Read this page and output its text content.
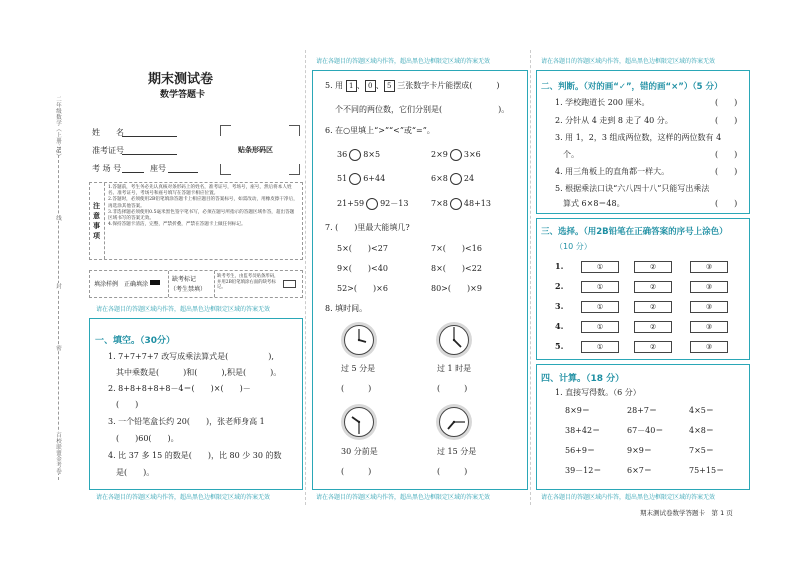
二年级数学（上册·RJ）
线
封
密
百校联盟金考卷
期末测试卷
数学答题卡
姓　　名
准考证号
考 场 号	座号
贴条形码区
注意事项
1.答题前，考生务必先认真核对条形码上的姓名，准考证号，考场号，座号，然后将本人姓名、准考证号，考场号和座号填写在答题卡相应位置。
2.答题时，必须使用2B铅笔填涂答题卡上相应题目的答案标号，如需改动，用橡皮擦干净后，再选涂其他答案。
3.非选择题必须使用0.5毫米黑色签字笔书写，必须在题号所指示的答题区域作答，超出答题区域书写的答案无效。
4.保持答题卡清洁，完整，严禁折叠，严禁在答题卡上做任何标记。
填涂样例 正确填涂
缺考标记
（考生禁填）
缺考考生，由监考员贴条形码，并用2B铅笔填涂右面的缺考标记。
请在各题目的答题区域内作答，超出黑色边框限定区域的答案无效
一、填空。（30分）
1. 7+7+7+7 改写成乘法算式是(　　　　　),
其中乘数是(　　　)和(　　　),积是(　　　)。
2. 8+8+8+8+8－4＝(　　)×(　　)－
(　　)
3. 一个铅笔盒长约 20(　　)，张老师身高 1
(　　)60(　　)。
4. 比 37 多 15 的数是(　　)，比 80 少 30 的数
是(　　)。
请在各题目的答题区域内作答，超出黑色边框限定区域的答案无效
请在各题目的答题区域内作答，超出黑色边框限定区域的答案无效
5. 用 1 、 0 、 5 三张数字卡片能摆成(　　　)
个不同的两位数，它们分别是(　　　　　　　)。
6. 在○里填上“>”“<”或“=”。
36 8×5	2×9 3×6
51 6+44	6×8 24
21+59 92－13	7×8 48+13
7. (　　)里最大能填几?
5×(　　)<27	7×(　　)<16
9×(　　)<40	8×(　　)<22
52>(　　)×6	80>(　　)×9
8. 填时间。
过 5 分是
(　　　)
过 1 时是
(　　　)
30 分前是
(　　　)
过 15 分是
(　　　)
请在各题目的答题区域内作答，超出黑色边框限定区域的答案无效
请在各题目的答题区域内作答，超出黑色边框限定区域的答案无效
二、判断。（对的画“✓”，错的画“×”）（5 分）
1. 学校跑道长 200 厘米。	(　　)
2. 分针从 4 走到 8 走了 40 分。	(　　)
3. 用 1，2，3 组成两位数，这样的两位数有 4
个。	(　　)
4. 用三角板上的直角都一样大。	(　　)
5. 根据乘法口诀“六八四十八”只能写出乘法
算式 6×8＝48。	(　　)
三、选择。（用2B铅笔在正确答案的序号上涂色）
（10 分）
1.	①	②	③
2.	①	②	③
3.	①	②	③
4.	①	②	③
5.	①	②	③
四、计算。（18 分）
1. 直接写得数。（6 分）
8×9＝	28+7＝	4×5＝
38+42＝	67－40＝	4×8＝
56+9＝	9×9＝	7×5＝
39－12＝	6×7＝	75+15＝
请在各题目的答题区域内作答，超出黑色边框限定区域的答案无效
期末测试卷数学答题卡　第 1 页
